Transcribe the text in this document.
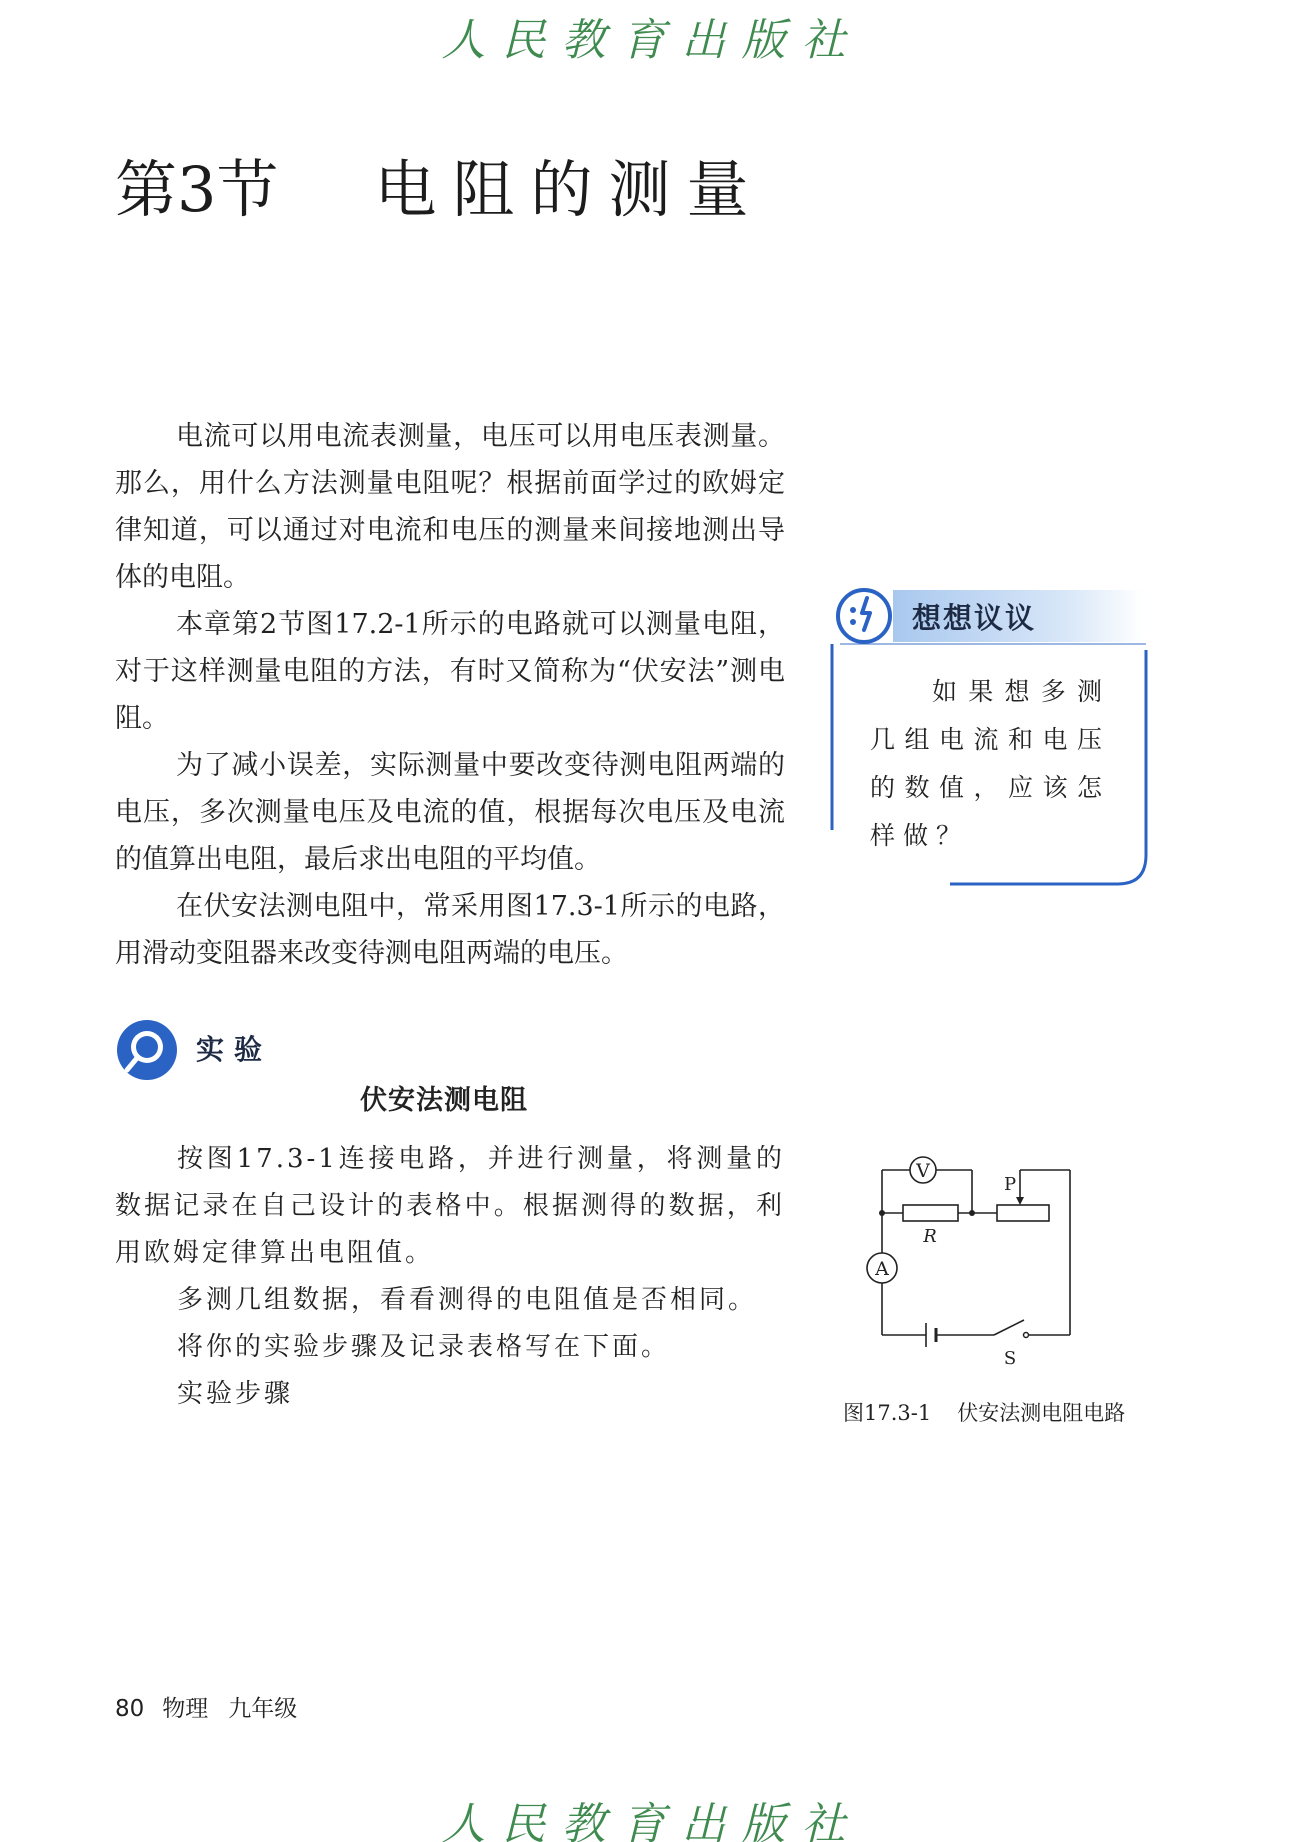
人民教育出版社
第3节 电阻的测量

电流可以用电流表测量，电压可以用电压表测量。那么，用什么方法测量电阻呢？根据前面学过的欧姆定律知道，可以通过对电流和电压的测量来间接地测出导体的电阻。

本章第2节图17.2-1所示的电路就可以测量电阻，对于这样测量电阻的方法，有时又简称为“伏安法”测电阻。

为了减小误差，实际测量中要改变待测电阻两端的电压，多次测量电压及电流的值，根据每次电压及电流的值算出电阻，最后求出电阻的平均值。

在伏安法测电阻中，常采用图17.3-1所示的电路，用滑动变阻器来改变待测电阻两端的电压。

想想议议
如果想多测几组电流和电压的数值，应该怎样做？
实验
伏安法测电阻

按图17.3-1连接电路，并进行测量，将测量的数据记录在自己设计的表格中。根据测得的数据，利用欧姆定律算出电阻值。

多测几组数据，看看测得的电阻值是否相同。

将你的实验步骤及记录表格写在下面。

实验步骤

V
A
R
P
S
图17.3-1 伏安法测电阻电路
80 物理 九年级
人民教育出版社
